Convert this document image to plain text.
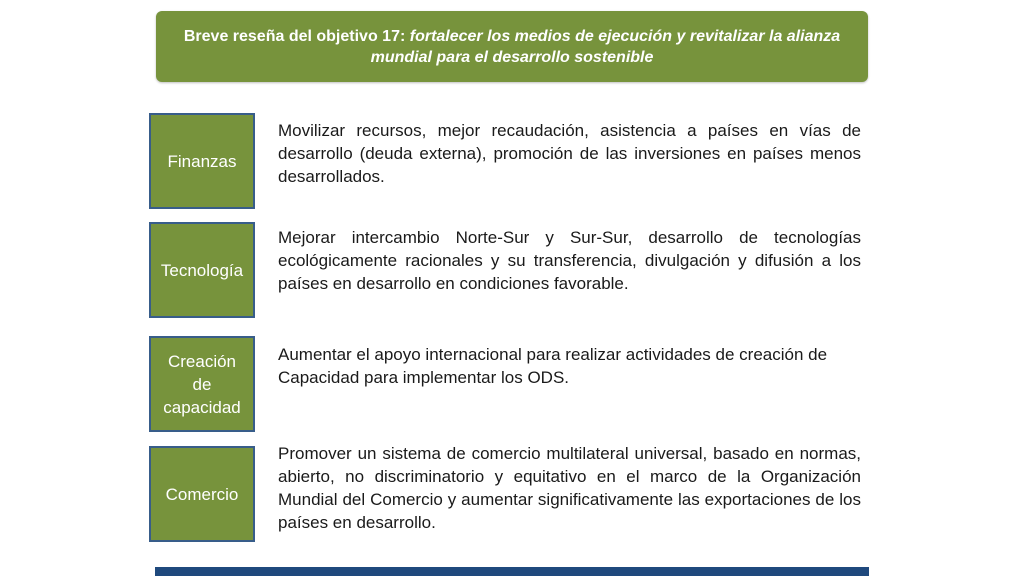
Breve reseña del objetivo 17: fortalecer los medios de ejecución y revitalizar la alianza mundial para el desarrollo sostenible
Finanzas

Movilizar recursos, mejor recaudación, asistencia a países en vías de desarrollo (deuda externa), promoción de las inversiones en países menos desarrollados.

Tecnología

Mejorar intercambio Norte-Sur y Sur-Sur, desarrollo de tecnologías ecológicamente racionales y su transferencia, divulgación y difusión a los países en desarrollo en condiciones favorable.

Creación de capacidad

Aumentar el apoyo internacional para realizar actividades de creación de Capacidad para implementar los ODS.

Comercio

Promover un sistema de comercio multilateral universal, basado en normas, abierto, no discriminatorio y equitativo en el marco de la Organización Mundial del Comercio y aumentar significativamente las exportaciones de los países en desarrollo.
